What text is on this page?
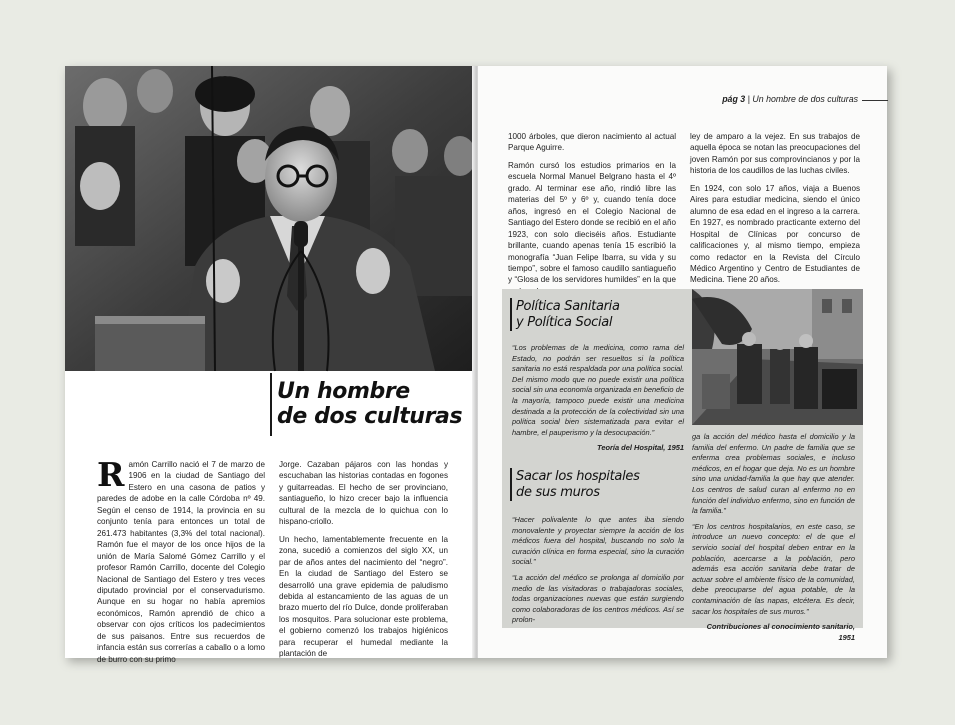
Un hombre
de dos culturas

Ramón Carrillo nació el 7 de marzo de 1906 en la ciudad de Santiago del Estero en una casona de patios y paredes de adobe en la calle Córdoba nº 49. Según el censo de 1914, la provincia en su conjunto tenía para entonces un total de 261.473 habitantes (3,3% del total nacional). Ramón fue el mayor de los once hijos de la unión de María Salomé Gómez Carrillo y el profesor Ramón Carrillo, docente del Colegio Nacional de Santiago del Estero y tres veces diputado provincial por el conservadurismo. Aunque en su hogar no había apremios económicos, Ramón aprendió de chico a observar con ojos críticos los padecimientos de sus paisanos. Entre sus recuerdos de infancia están sus correrías a caballo o a lomo de burro con su primo

Jorge. Cazaban pájaros con las hondas y escuchaban las historias contadas en fogones y guitarreadas. El hecho de ser provinciano, santiagueño, lo hizo crecer bajo la influencia cultural de la mezcla de lo quichua con lo hispano-criollo.

Un hecho, lamentablemente frecuente en la zona, sucedió a comienzos del siglo XX, un par de años antes del nacimiento del “negro”. En la ciudad de Santiago del Estero se desarrolló una grave epidemia de paludismo debida al estancamiento de las aguas de un brazo muerto del río Dulce, donde proliferaban los mosquitos. Para solucionar este problema, el gobierno comenzó los trabajos higiénicos para recuperar el humedal mediante la plantación de

pág 3 | Un hombre de dos culturas

1000 árboles, que dieron nacimiento al actual Parque Aguirre.

Ramón cursó los estudios primarios en la escuela Normal Manuel Belgrano hasta el 4º grado. Al terminar ese año, rindió libre las materias del 5º y 6º y, cuando tenía doce años, ingresó en el Colegio Nacional de Santiago del Estero donde se recibió en el año 1923, con solo dieciséis años. Estudiante brillante, cuando apenas tenía 15 escribió la monografía “Juan Felipe Ibarra, su vida y su tiempo”, sobre el famoso caudillo santiagueño y “Glosa de los servidores humildes” en la que

ley de amparo a la vejez. En sus trabajos de aquella época se notan las preocupaciones del joven Ramón por sus comprovincianos y por la historia de los caudillos de las luchas civiles.

En 1924, con solo 17 años, viaja a Buenos Aires para estudiar medicina, siendo el único alumno de esa edad en el ingreso a la carrera. En 1927, es nombrado practicante externo del Hospital de Clínicas por concurso de calificaciones y, al mismo tiempo, empieza como redactor en la Revista del Círculo Médico Argentino y Centro de Estudiantes de Medicina. Tiene 20 años.

Política Sanitaria
y Política Social

“Los problemas de la medicina, como rama del Estado, no podrán ser resueltos si la política sanitaria no está respaldada por una política social. Del mismo modo que no puede existir una política social sin una economía organizada en beneficio de la mayoría, tampoco puede existir una medicina destinada a la protección de la colectividad sin una política social bien sistematizada para evitar el hambre, el pauperismo y la desocupación.”

Teoría del Hospital, 1951

Sacar los hospitales
de sus muros

“Hacer polivalente lo que antes iba siendo monovalente y proyectar siempre la acción de los médicos fuera del hospital, buscando no solo la curación clínica en forma especial, sino la curación social.”

“La acción del médico se prolonga al domicilio por medio de las visitadoras o trabajadoras sociales, todas organizaciones nuevas que están surgiendo como colaboradoras de los centros médicos. Así se prolon-

ga la acción del médico hasta el domicilio y la familia del enfermo. Un padre de familia que se enferma crea problemas sociales, e incluso médicos, en el hogar que deja. No es un hombre sino una unidad-familia la que hay que atender. Los centros de salud curan al enfermo no en función del individuo enfermo, sino en función de la familia.”

“En los centros hospitalarios, en este caso, se introduce un nuevo concepto: el de que el servicio social del hospital deben entrar en la población, acercarse a la población, pero además esa acción sanitaria debe tratar de actuar sobre el ambiente físico de la comunidad, debe preocuparse del agua potable, de la contaminación de las napas, etcétera. Es decir, sacar los hospitales de sus muros.”

Contribuciones al conocimiento sanitario, 1951
